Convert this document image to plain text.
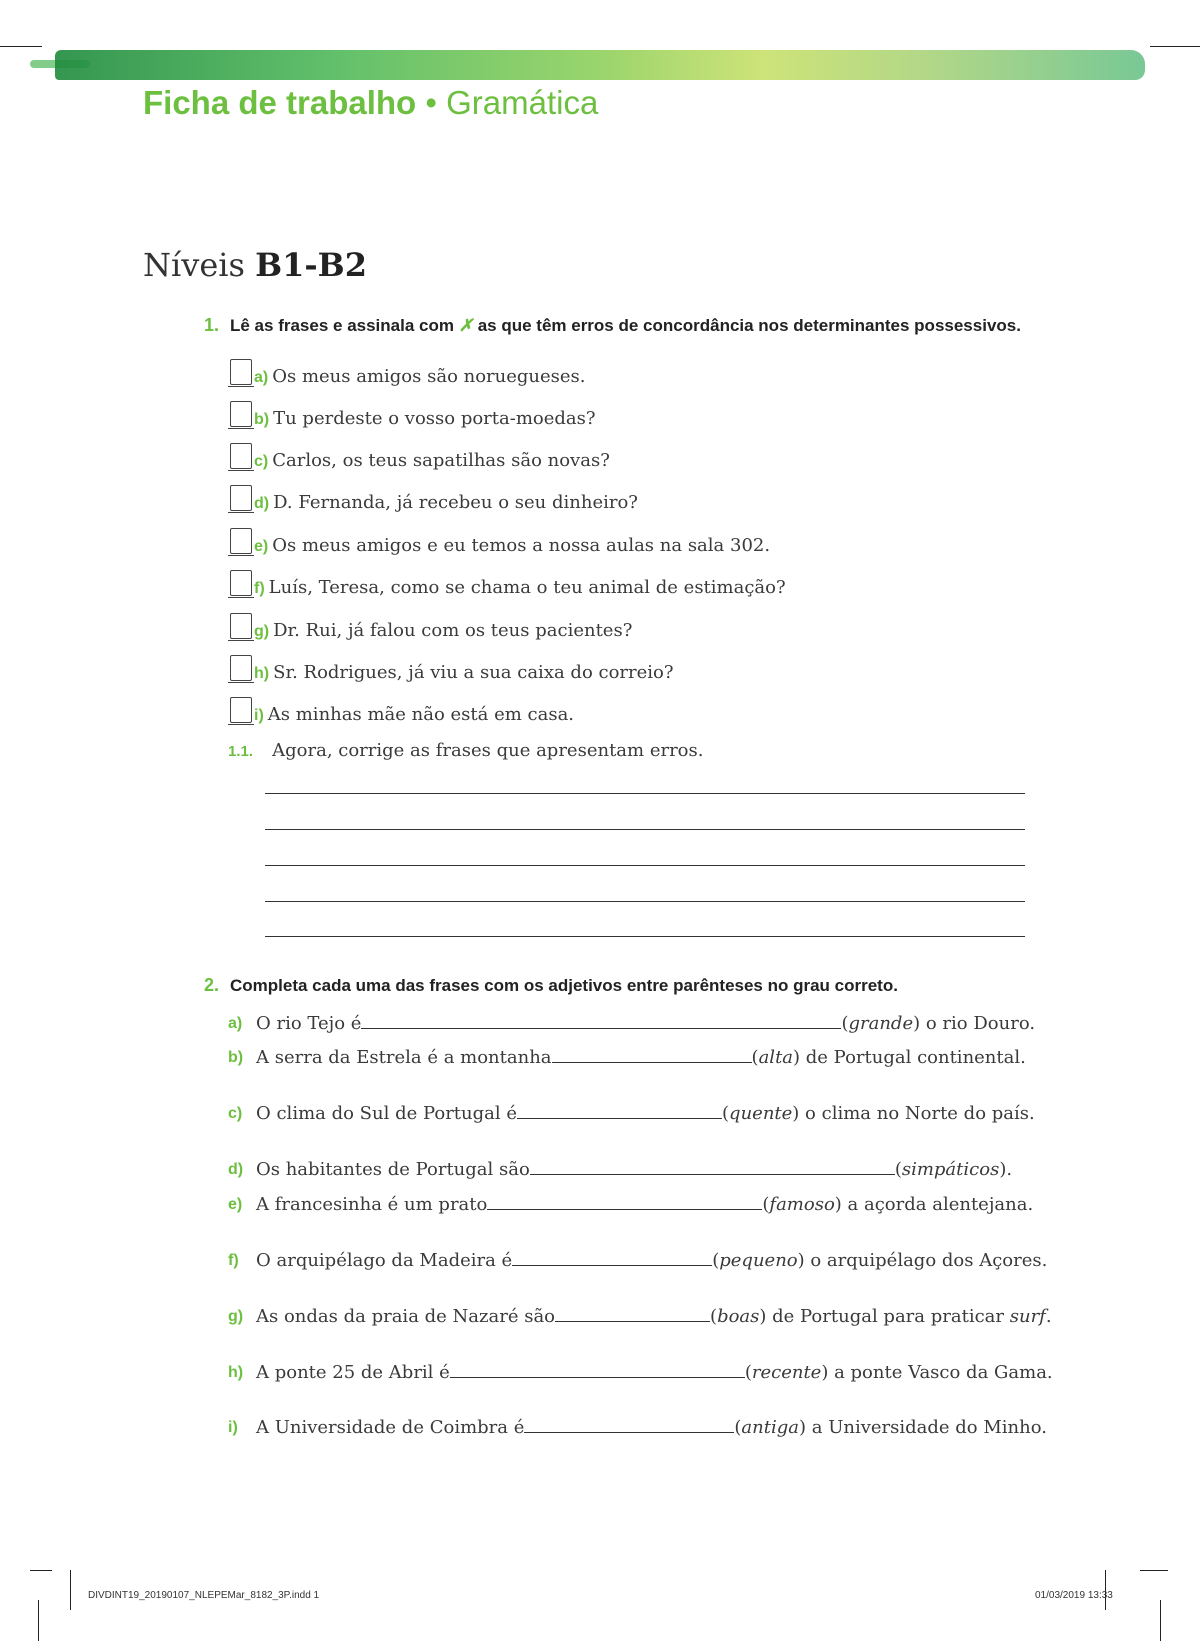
Ficha de trabalho • Gramática
Níveis B1-B2
1. Lê as frases e assinala com ✗ as que têm erros de concordância nos determinantes possessivos.
a) Os meus amigos são noruegueses.
b) Tu perdeste o vosso porta-moedas?
c) Carlos, os teus sapatilhas são novas?
d) D. Fernanda, já recebeu o seu dinheiro?
e) Os meus amigos e eu temos a nossa aulas na sala 302.
f) Luís, Teresa, como se chama o teu animal de estimação?
g) Dr. Rui, já falou com os teus pacientes?
h) Sr. Rodrigues, já viu a sua caixa do correio?
i) As minhas mãe não está em casa.
1.1. Agora, corrige as frases que apresentam erros.
2. Completa cada uma das frases com os adjetivos entre parênteses no grau correto.
a) O rio Tejo é	(grande) o rio Douro.
b) A serra da Estrela é a montanha	(alta) de Portugal continental.
c) O clima do Sul de Portugal é	(quente) o clima no Norte do país.
d) Os habitantes de Portugal são	(simpáticos).
e) A francesinha é um prato	(famoso) a açorda alentejana.
f) O arquipélago da Madeira é	(pequeno) o arquipélago dos Açores.
g) As ondas da praia de Nazaré são	(boas) de Portugal para praticar surf.
h) A ponte 25 de Abril é	(recente) a ponte Vasco da Gama.
i) A Universidade de Coimbra é	(antiga) a Universidade do Minho.
DIVDINT19_20190107_NLEPEMar_8182_3P.indd 1	01/03/2019 13:33
